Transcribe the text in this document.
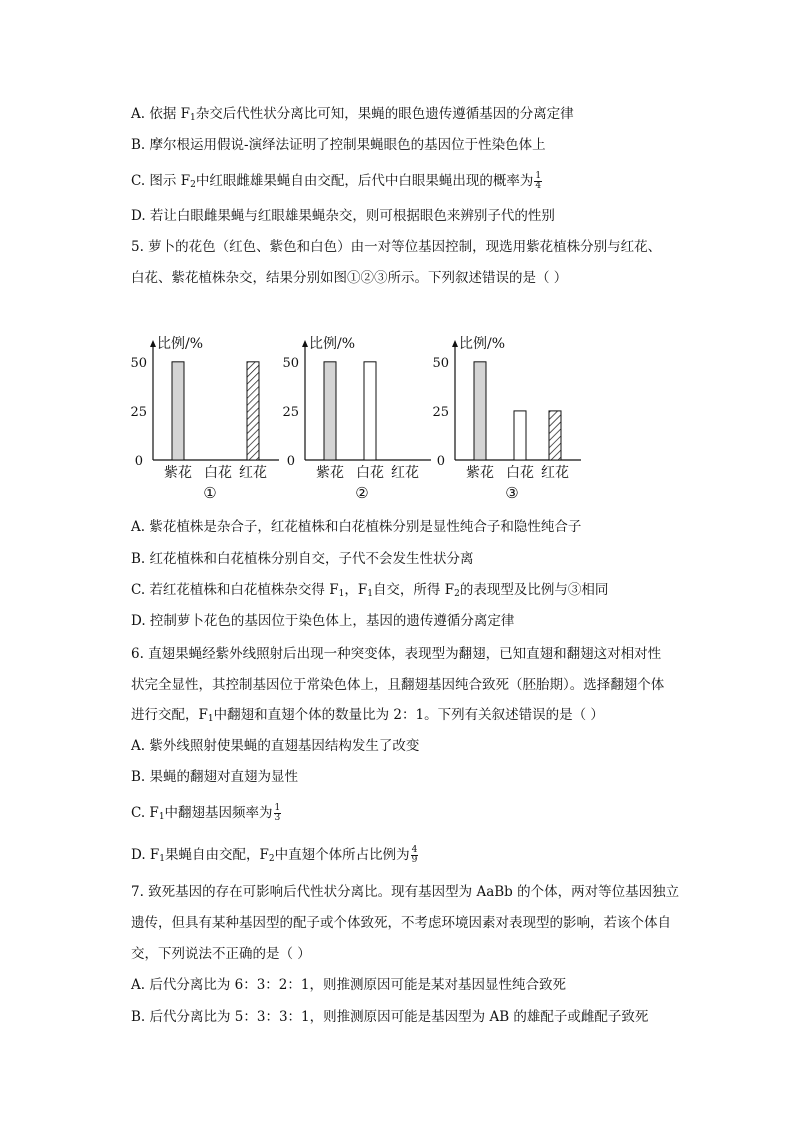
A. 依据 $F_1$杂交后代性状分离比可知，果蝇的眼色遗传遵循基因的分离定律
B. 摩尔根运用假说-演绎法证明了控制果蝇眼色的基因位于性染色体上
C. 图示 $F_2$中红眼雌雄果蝇自由交配，后代中白眼果蝇出现的概率为 $\frac{1}{4}$
D. 若让白眼雌果蝇与红眼雄果蝇杂交，则可根据眼色来辨别子代的性别
5. 萝卜的花色（红色、紫色和白色）由一对等位基因控制，现选用紫花植株分别与红花、
白花、紫花植株杂交，结果分别如图①②③所示。下列叙述错误的是（ ）
比例/%
0
25
50
紫花 白花 红花
①
比例/%
0
25
50
紫花 白花 红花
②
比例/%
0
25
50
紫花 白花 红花
③
A. 紫花植株是杂合子，红花植株和白花植株分别是显性纯合子和隐性纯合子
B. 红花植株和白花植株分别自交，子代不会发生性状分离
C. 若红花植株和白花植株杂交得 $F_1$，$F_1$自交，所得 $F_2$的表现型及比例与③相同
D. 控制萝卜花色的基因位于染色体上，基因的遗传遵循分离定律
6. 直翅果蝇经紫外线照射后出现一种突变体，表现型为翻翅，已知直翅和翻翅这对相对性
状完全显性，其控制基因位于常染色体上，且翻翅基因纯合致死（胚胎期）。选择翻翅个体
进行交配，$F_1$中翻翅和直翅个体的数量比为 2：1。下列有关叙述错误的是（ ）
A. 紫外线照射使果蝇的直翅基因结构发生了改变
B. 果蝇的翻翅对直翅为显性
C. $F_1$中翻翅基因频率为 $\frac{1}{3}$
D. $F_1$果蝇自由交配，$F_2$中直翅个体所占比例为 $\frac{4}{9}$
7. 致死基因的存在可影响后代性状分离比。现有基因型为 AaBb 的个体，两对等位基因独立
遗传，但具有某种基因型的配子或个体致死，不考虑环境因素对表现型的影响，若该个体自
交，下列说法不正确的是（ ）
A. 后代分离比为 6：3：2：1，则推测原因可能是某对基因显性纯合致死
B. 后代分离比为 5：3：3：1，则推测原因可能是基因型为 AB 的雄配子或雌配子致死
